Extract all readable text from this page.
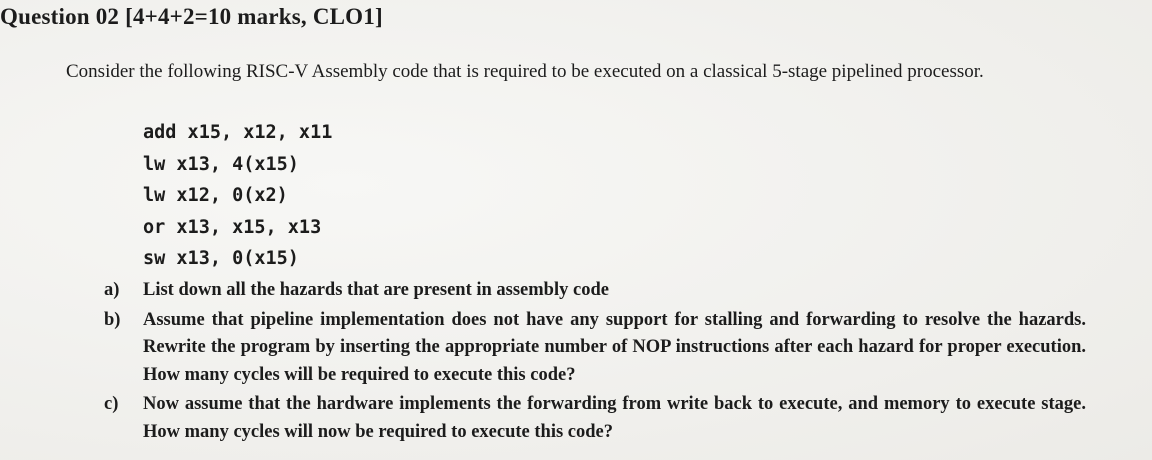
Question 02 [4+4+2=10 marks, CLO1]
Consider the following RISC-V Assembly code that is required to be executed on a classical 5-stage pipelined processor.
add x15, x12, x11
lw x13, 4(x15)
lw x12, 0(x2)
or x13, x15, x13
sw x13, 0(x15)
a)	List down all the hazards that are present in assembly code
b)	Assume that pipeline implementation does not have any support for stalling and forwarding to resolve the hazards. Rewrite the program by inserting the appropriate number of NOP instructions after each hazard for proper execution. How many cycles will be required to execute this code?
c)	Now assume that the hardware implements the forwarding from write back to execute, and memory to execute stage. How many cycles will now be required to execute this code?
